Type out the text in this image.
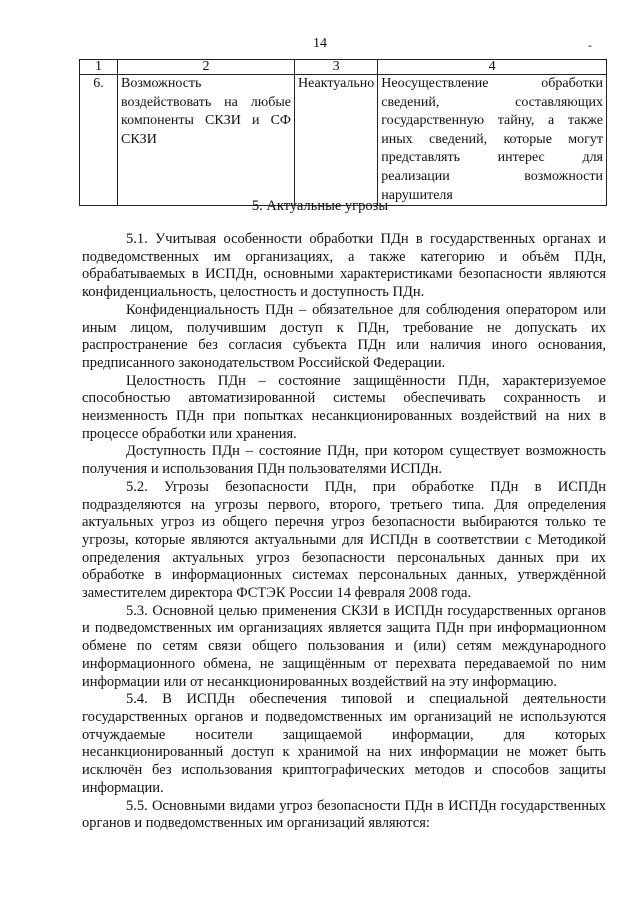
14	-
1	2	3	4
6.	Возможность воздействовать на любые компоненты СКЗИ и СФ СКЗИ	Неактуально	Неосуществление обработки сведений, составляющих государственную тайну, а также иных сведений, которые могут представлять интерес для реализации возможности нарушителя
5. Актуальные угрозы

5.1. Учитывая особенности обработки ПДн в государственных органах и подведомственных им организациях, а также категорию и объём ПДн, обрабатываемых в ИСПДн, основными характеристиками безопасности являются конфиденциальность, целостность и доступность ПДн.

Конфиденциальность ПДн – обязательное для соблюдения оператором или иным лицом, получившим доступ к ПДн, требование не допускать их распространение без согласия субъекта ПДн или наличия иного основания, предписанного законодательством Российской Федерации.

Целостность ПДн – состояние защищённости ПДн, характеризуемое способностью автоматизированной системы обеспечивать сохранность и неизменность ПДн при попытках несанкционированных воздействий на них в процессе обработки или хранения.

Доступность ПДн – состояние ПДн, при котором существует возможность получения и использования ПДн пользователями ИСПДн.

5.2. Угрозы безопасности ПДн, при обработке ПДн в ИСПДн подразделяются на угрозы первого, второго, третьего типа. Для определения актуальных угроз из общего перечня угроз безопасности выбираются только те угрозы, которые являются актуальными для ИСПДн в соответствии с Методикой определения актуальных угроз безопасности персональных данных при их обработке в информационных системах персональных данных, утверждённой заместителем директора ФСТЭК России 14 февраля 2008 года.

5.3. Основной целью применения СКЗИ в ИСПДн государственных органов и подведомственных им организациях является защита ПДн при информационном обмене по сетям связи общего пользования и (или) сетям международного информационного обмена, не защищённым от перехвата передаваемой по ним информации или от несанкционированных воздействий на эту информацию.

5.4. В ИСПДн обеспечения типовой и специальной деятельности государственных органов и подведомственных им организаций не используются отчуждаемые носители защищаемой информации, для которых несанкционированный доступ к хранимой на них информации не может быть исключён без использования криптографических методов и способов защиты информации.

5.5. Основными видами угроз безопасности ПДн в ИСПДн государственных органов и подведомственных им организаций являются:
